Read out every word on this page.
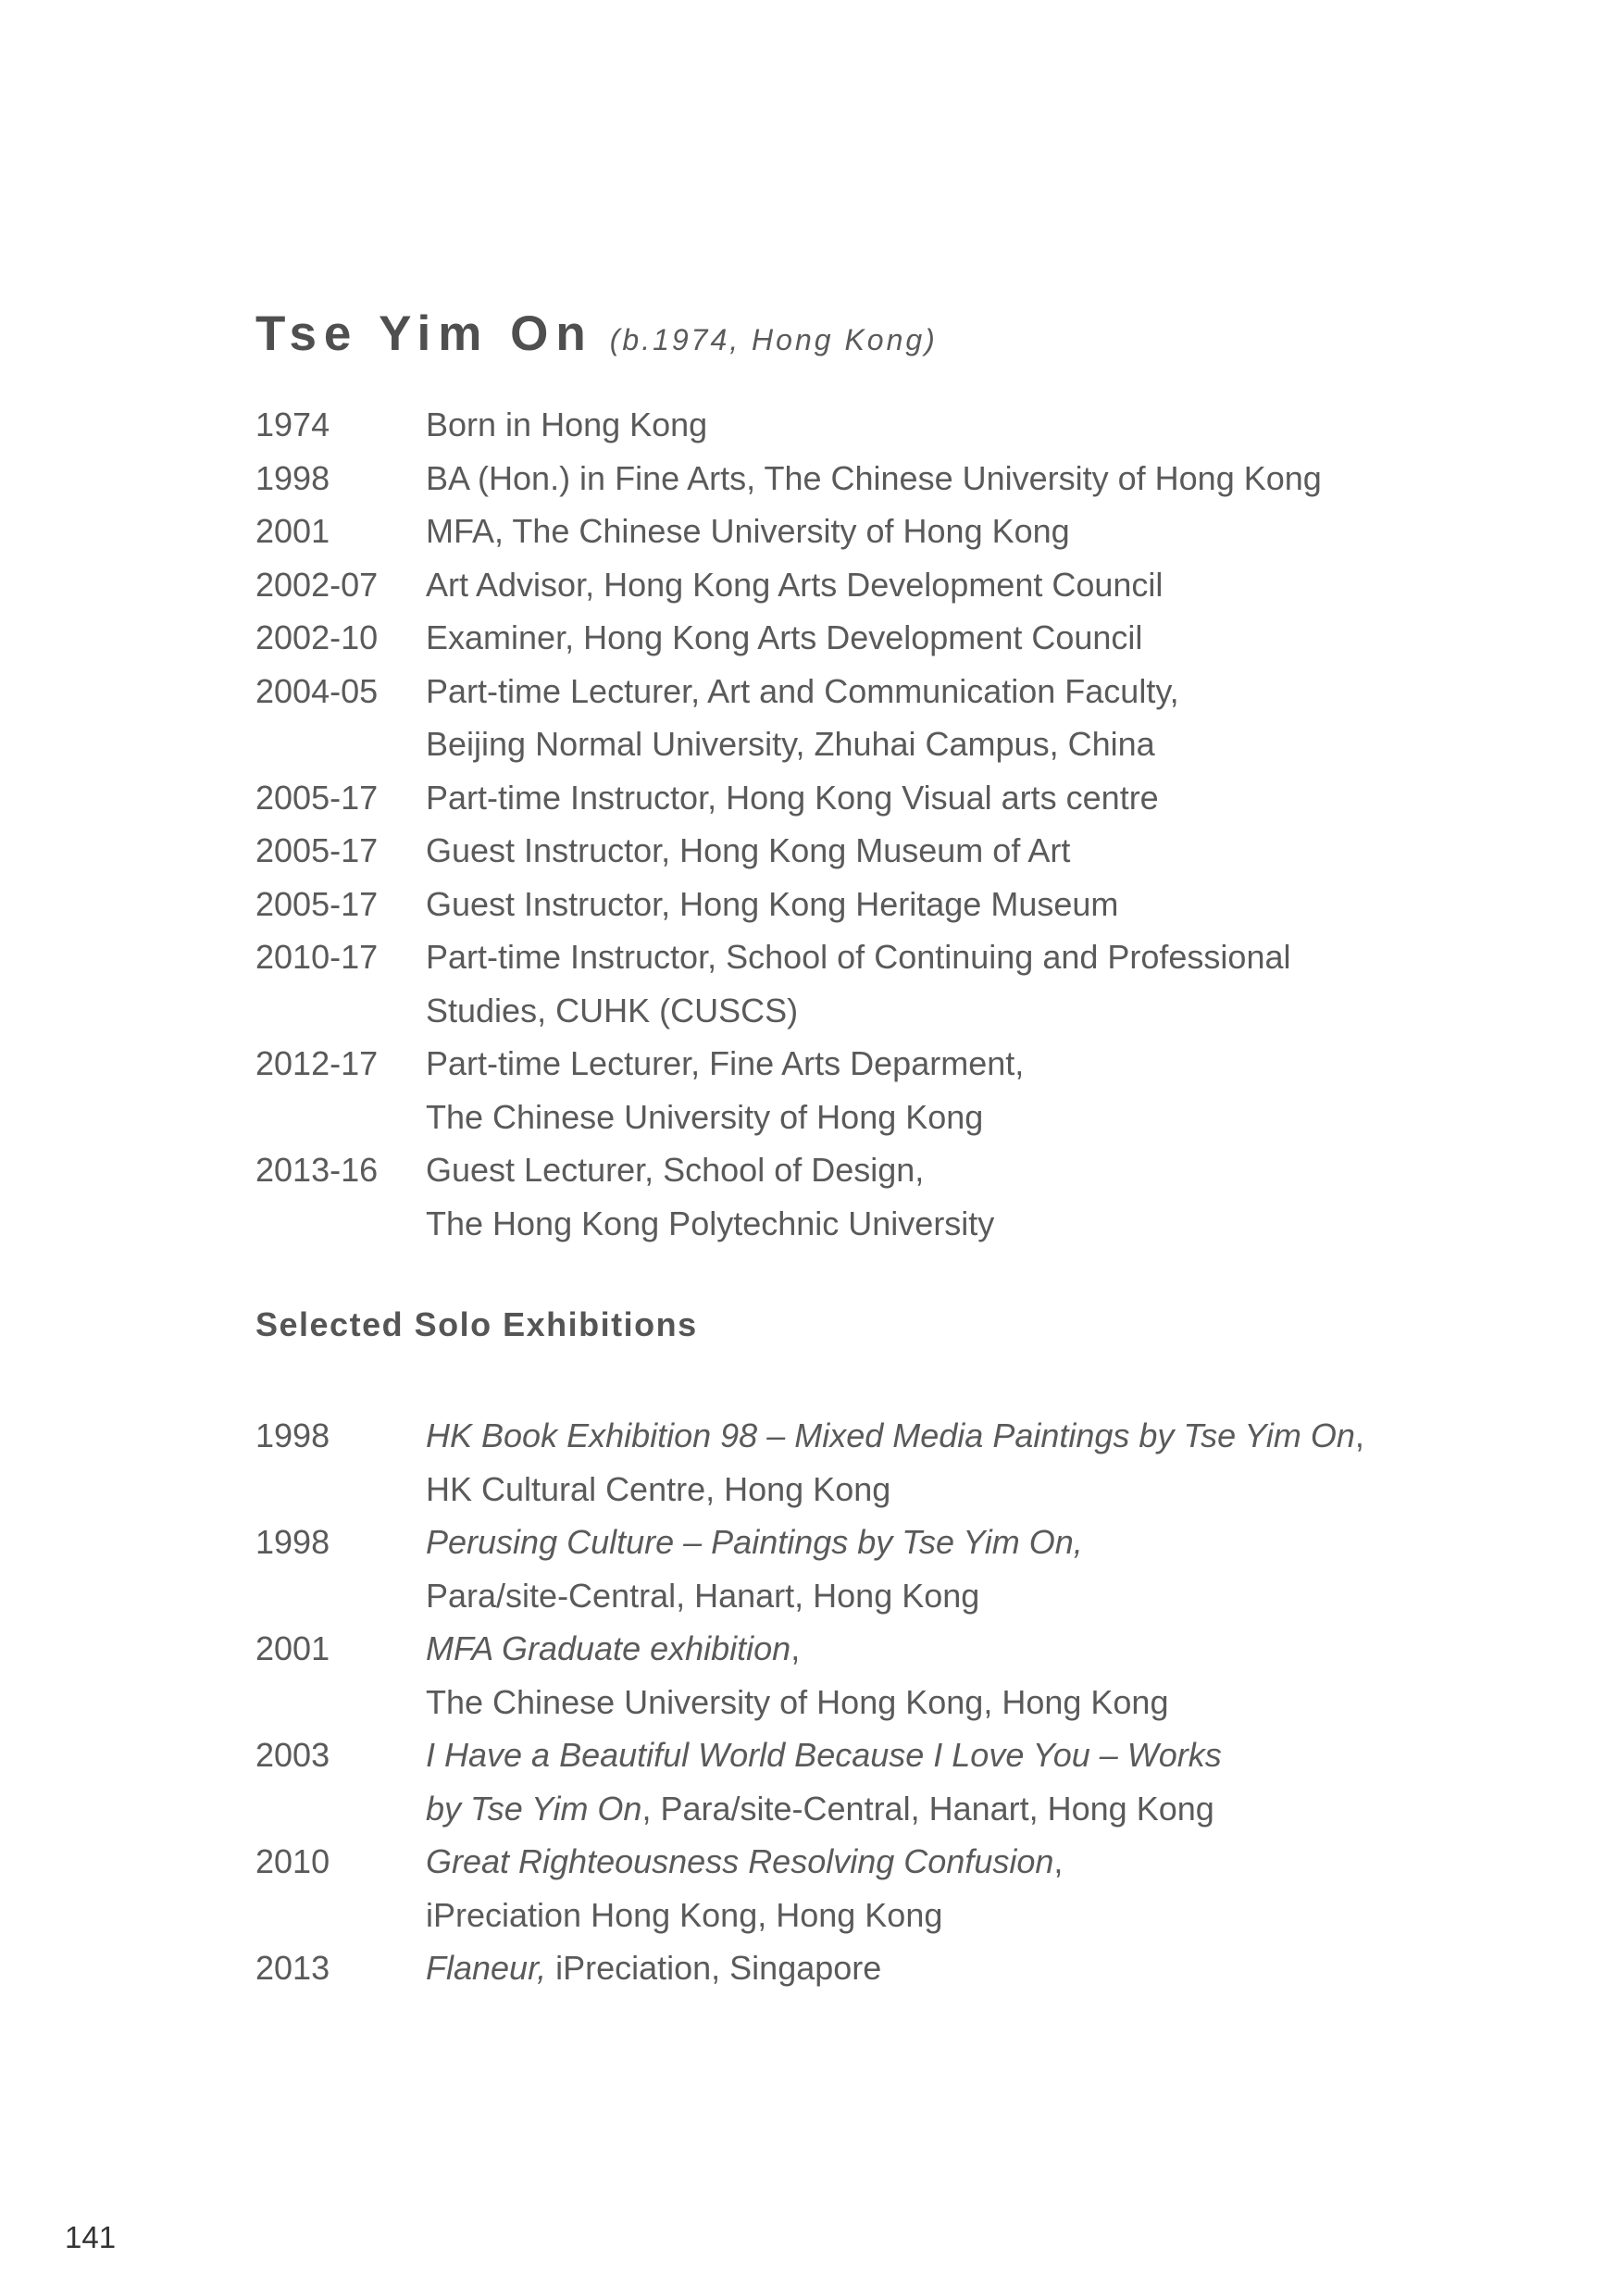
Tse Yim On (b.1974, Hong Kong)
1974	Born in Hong Kong
1998	BA (Hon.) in Fine Arts, The Chinese University of Hong Kong
2001	MFA, The Chinese University of Hong Kong
2002-07	Art Advisor, Hong Kong Arts Development Council
2002-10	Examiner, Hong Kong Arts Development Council
2004-05	Part-time Lecturer, Art and Communication Faculty,
Beijing Normal University, Zhuhai Campus, China
2005-17	Part-time Instructor, Hong Kong Visual arts centre
2005-17	Guest Instructor, Hong Kong Museum of Art
2005-17	Guest Instructor, Hong Kong Heritage Museum
2010-17	Part-time Instructor, School of Continuing and Professional
Studies, CUHK (CUSCS)
2012-17	Part-time Lecturer, Fine Arts Deparment,
The Chinese University of Hong Kong
2013-16	Guest Lecturer, School of Design,
The Hong Kong Polytechnic University
Selected Solo Exhibitions
1998	HK Book Exhibition 98 – Mixed Media Paintings by Tse Yim On,
HK Cultural Centre, Hong Kong
1998	Perusing Culture – Paintings by Tse Yim On,
Para/site-Central, Hanart, Hong Kong
2001	MFA Graduate exhibition,
The Chinese University of Hong Kong, Hong Kong
2003	I Have a Beautiful World Because I Love You – Works
by Tse Yim On, Para/site-Central, Hanart, Hong Kong
2010	Great Righteousness Resolving Confusion,
iPreciation Hong Kong, Hong Kong
2013	Flaneur, iPreciation, Singapore
141
